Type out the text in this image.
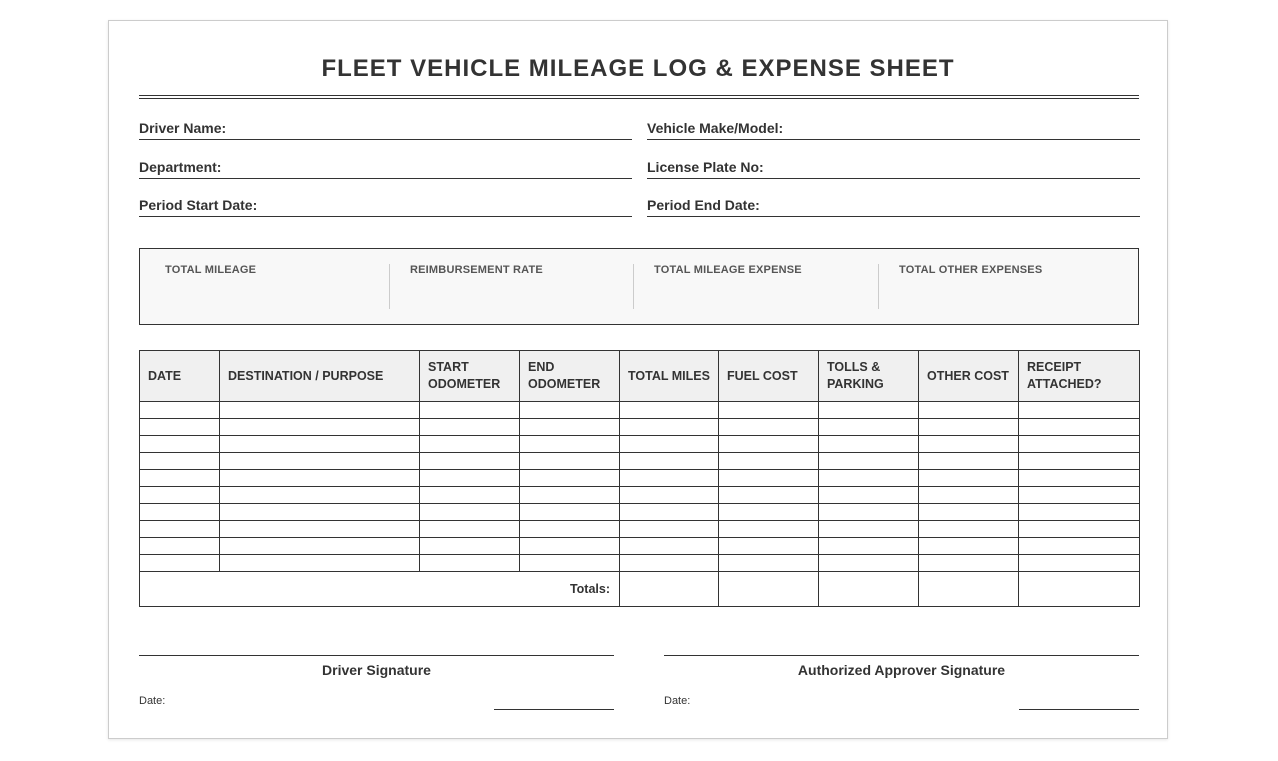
FLEET VEHICLE MILEAGE LOG & EXPENSE SHEET
Driver Name:	Vehicle Make/Model:
Department:	License Plate No:
Period Start Date:	Period End Date:
TOTAL MILEAGE	REIMBURSEMENT RATE	TOTAL MILEAGE EXPENSE	TOTAL OTHER EXPENSES
DATE	DESTINATION / PURPOSE	START ODOMETER	END ODOMETER	TOTAL MILES	FUEL COST	TOLLS & PARKING	OTHER COST	RECEIPT ATTACHED?

Totals:								
Driver Signature
Date:
Authorized Approver Signature
Date:
